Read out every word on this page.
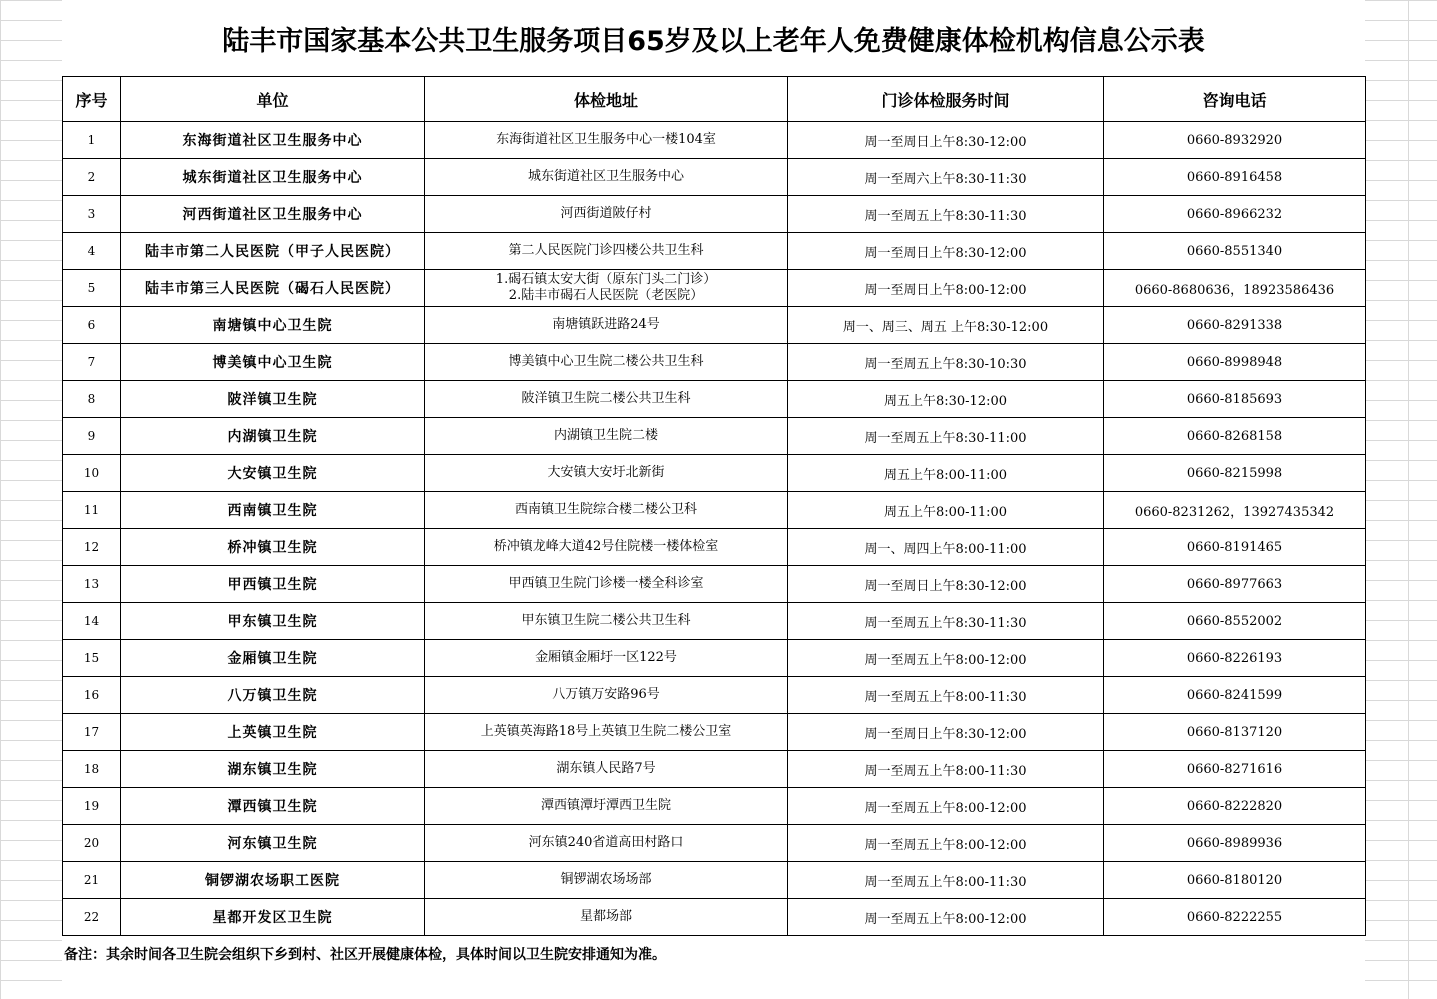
陆丰市国家基本公共卫生服务项目65岁及以上老年人免费健康体检机构信息公示表
序号	单位	体检地址	门诊体检服务时间	咨询电话
1	东海街道社区卫生服务中心	东海街道社区卫生服务中心一楼104室	周一至周日上午8:30-12:00	0660-8932920
2	城东街道社区卫生服务中心	城东街道社区卫生服务中心	周一至周六上午8:30-11:30	0660-8916458
3	河西街道社区卫生服务中心	河西街道陂仔村	周一至周五上午8:30-11:30	0660-8966232
4	陆丰市第二人民医院（甲子人民医院）	第二人民医院门诊四楼公共卫生科	周一至周日上午8:30-12:00	0660-8551340
5	陆丰市第三人民医院（碣石人民医院）	1.碣石镇太安大街（原东门头二门诊）
2.陆丰市碣石人民医院（老医院）	周一至周日上午8:00-12:00	0660-8680636，18923586436
6	南塘镇中心卫生院	南塘镇跃进路24号	周一、周三、周五 上午8:30-12:00	0660-8291338
7	博美镇中心卫生院	博美镇中心卫生院二楼公共卫生科	周一至周五上午8:30-10:30	0660-8998948
8	陂洋镇卫生院	陂洋镇卫生院二楼公共卫生科	周五上午8:30-12:00	0660-8185693
9	内湖镇卫生院	内湖镇卫生院二楼	周一至周五上午8:30-11:00	0660-8268158
10	大安镇卫生院	大安镇大安圩北新街	周五上午8:00-11:00	0660-8215998
11	西南镇卫生院	西南镇卫生院综合楼二楼公卫科	周五上午8:00-11:00	0660-8231262，13927435342
12	桥冲镇卫生院	桥冲镇龙峰大道42号住院楼一楼体检室	周一、周四上午8:00-11:00	0660-8191465
13	甲西镇卫生院	甲西镇卫生院门诊楼一楼全科诊室	周一至周日上午8:30-12:00	0660-8977663
14	甲东镇卫生院	甲东镇卫生院二楼公共卫生科	周一至周五上午8:30-11:30	0660-8552002
15	金厢镇卫生院	金厢镇金厢圩一区122号	周一至周五上午8:00-12:00	0660-8226193
16	八万镇卫生院	八万镇万安路96号	周一至周五上午8:00-11:30	0660-8241599
17	上英镇卫生院	上英镇英海路18号上英镇卫生院二楼公卫室	周一至周日上午8:30-12:00	0660-8137120
18	湖东镇卫生院	湖东镇人民路7号	周一至周五上午8:00-11:30	0660-8271616
19	潭西镇卫生院	潭西镇潭圩潭西卫生院	周一至周五上午8:00-12:00	0660-8222820
20	河东镇卫生院	河东镇240省道高田村路口	周一至周五上午8:00-12:00	0660-8989936
21	铜锣湖农场职工医院	铜锣湖农场场部	周一至周五上午8:00-11:30	0660-8180120
22	星都开发区卫生院	星都场部	周一至周五上午8:00-12:00	0660-8222255
备注：其余时间各卫生院会组织下乡到村、社区开展健康体检，具体时间以卫生院安排通知为准。
